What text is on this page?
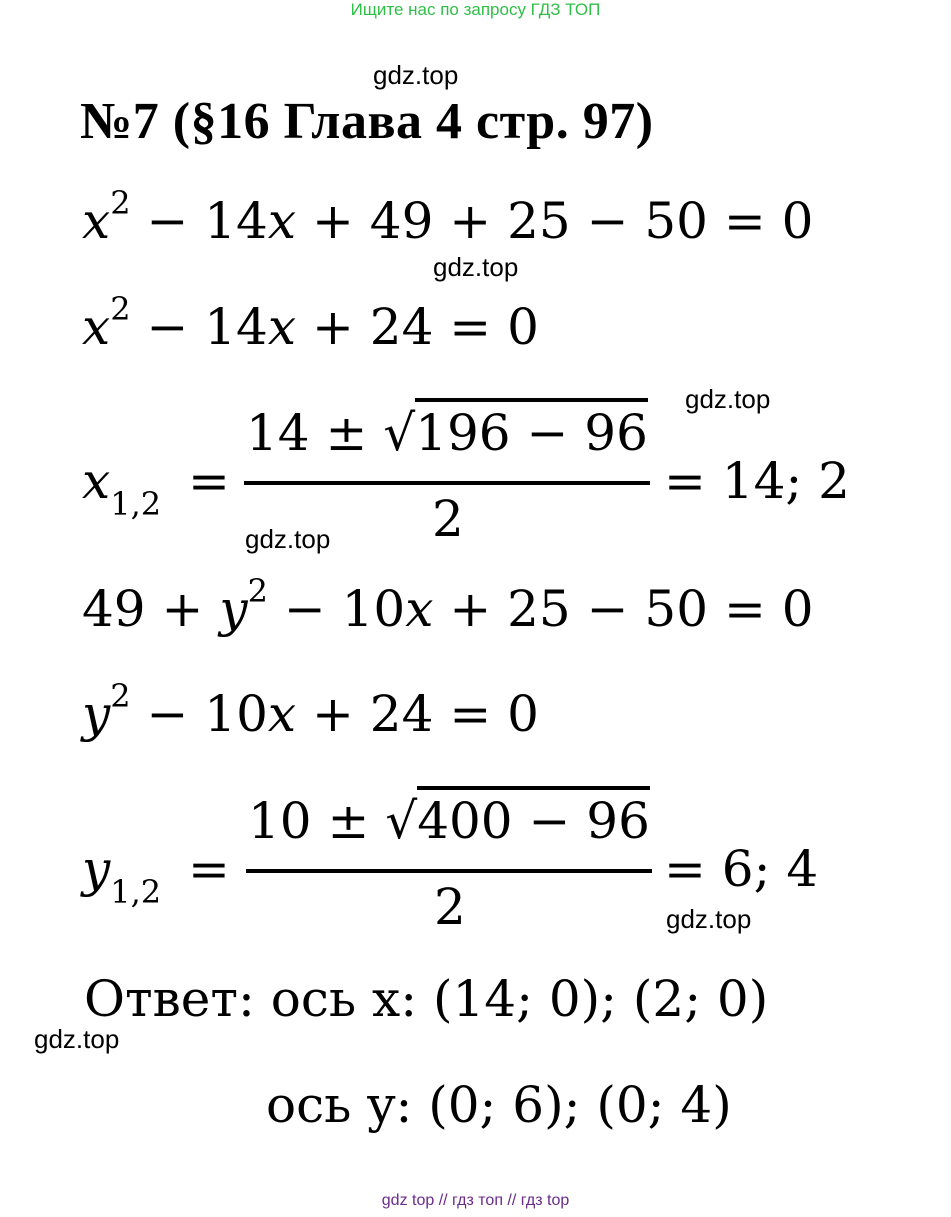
Ищите нас по запросу ГДЗ ТОП
gdz.top
№7 (§16 Глава 4 стр. 97)
$x^2 - 14x + 49 + 25 - 50 = 0$
gdz.top
$x^2 - 14x + 24 = 0$
gdz.top
$x_{1,2}$ =
14 ± √196 − 96
2
= 14; 2
gdz.top
$49 + y^2 - 10x + 25 - 50 = 0$
$y^2 - 10x + 24 = 0$
$y_{1,2}$ =
10 ± √400 − 96
2
= 6; 4
gdz.top
Ответ: ось x: (14; 0); (2; 0)
gdz.top
ось y: (0; 6); (0; 4)
gdz top // гдз топ // гдз top
